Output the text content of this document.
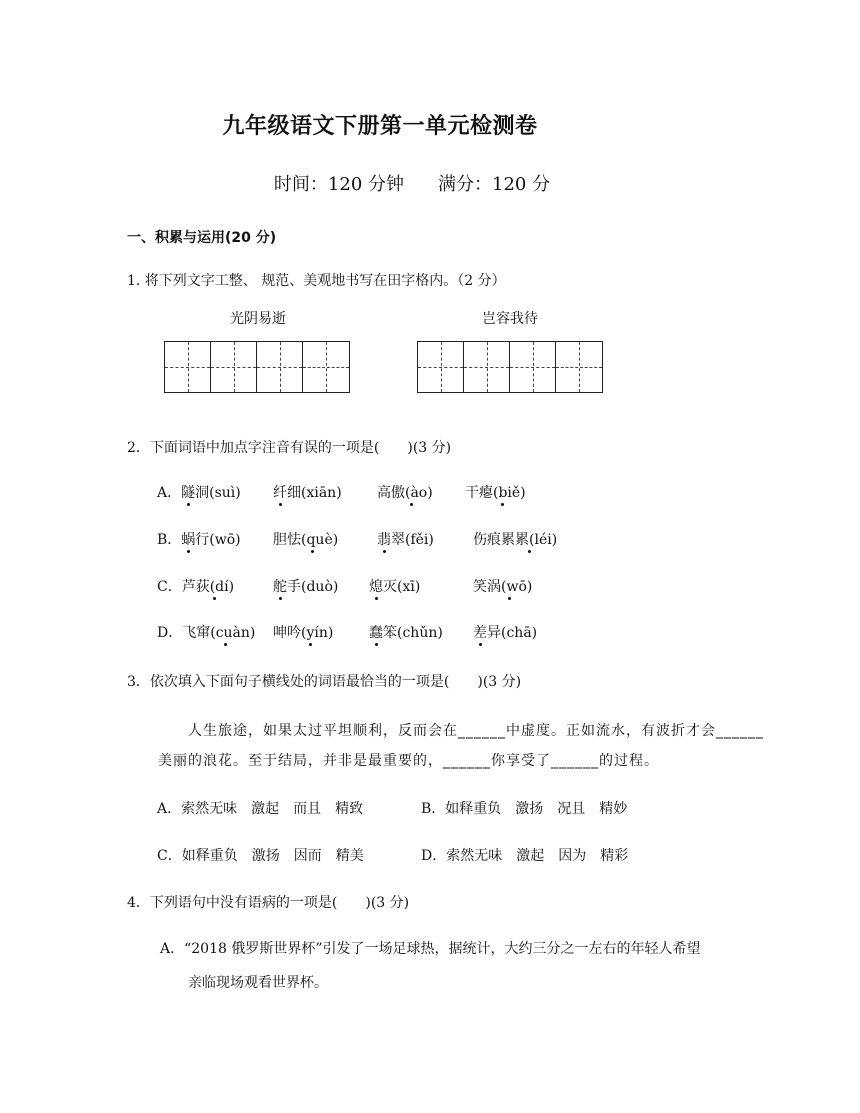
九年级语文下册第一单元检测卷
时间：120 分钟 满分：120 分
一、积累与运用(20 分)
1. 将下列文字工整、 规范、美观地书写在田字格内。（2 分）
光阴易逝	岂容我待
2．下面词语中加点字注音有误的一项是(　　)(3 分)
A．隧洞(suì) 纤细(xiān)	高傲(ào) 干瘪(biě)
B．蜗行(wō) 胆怯(què)	翡翠(fěi)	伤痕累累(léi)
C．芦荻(dí)	舵手(duò) 熄灭(xī)	笑涡(wō)
D．飞窜(cuàn) 呻吟(yín)	蠢笨(chǔn) 差异(chā)
3．依次填入下面句子横线处的词语最恰当的一项是(　　)(3 分)
人生旅途，如果太过平坦顺利，反而会在______中虚度。正如流水，有波折才会______
美丽的浪花。至于结局，并非是最重要的，______你享受了______的过程。
A．索然无味　激起　而且　精致	B．如释重负　激扬　况且　精妙
C．如释重负　激扬　因而　精美	D．索然无味　激起　因为　精彩
4．下列语句中没有语病的一项是(　　)(3 分)
A．“2018 俄罗斯世界杯”引发了一场足球热，据统计，大约三分之一左右的年轻人希望
亲临现场观看世界杯。
